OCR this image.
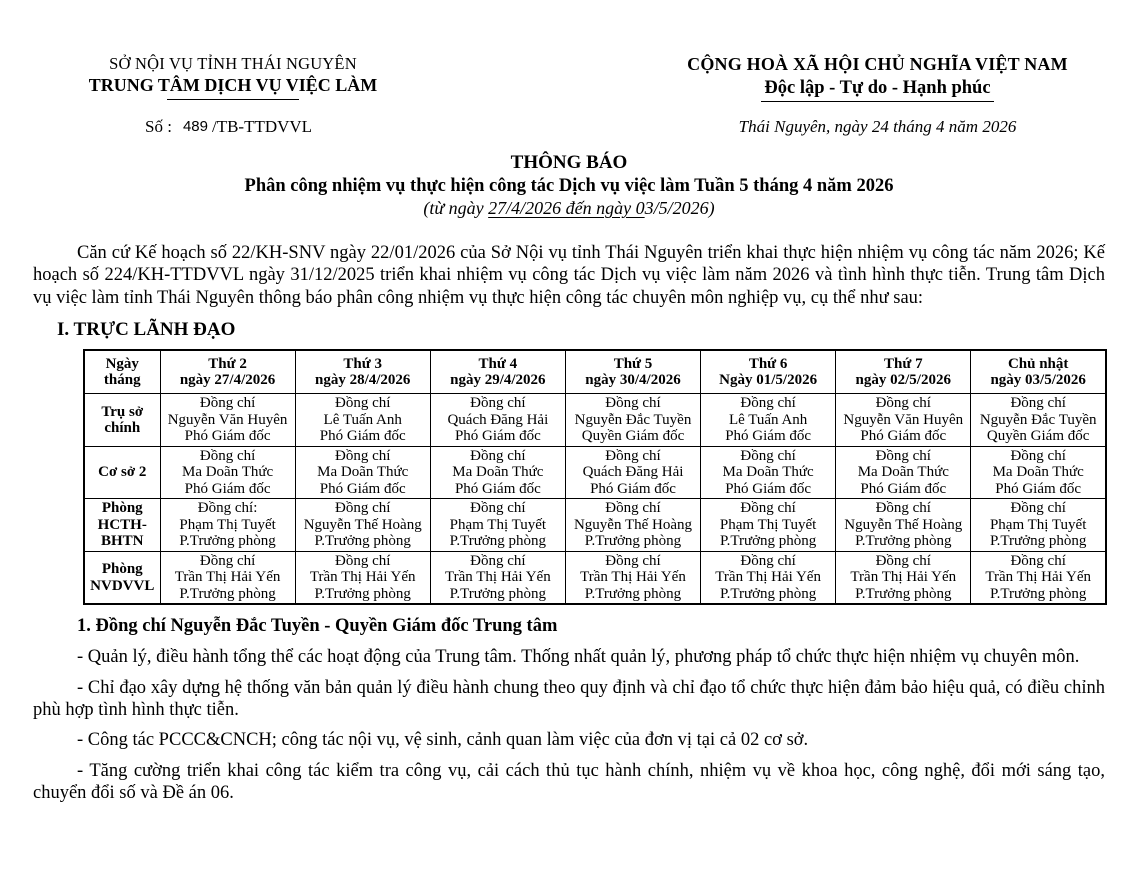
SỞ NỘI VỤ TỈNH THÁI NGUYÊN
TRUNG TÂM DỊCH VỤ VIỆC LÀM
Số : 489 /TB-TTDVVL
CỘNG HOÀ XÃ HỘI CHỦ NGHĨA VIỆT NAM
Độc lập - Tự do - Hạnh phúc
Thái Nguyên, ngày 24 tháng 4 năm 2026
THÔNG BÁO
Phân công nhiệm vụ thực hiện công tác Dịch vụ việc làm Tuần 5 tháng 4 năm 2026
(từ ngày 27/4/2026 đến ngày 03/5/2026)

Căn cứ Kế hoạch số 22/KH-SNV ngày 22/01/2026 của Sở Nội vụ tỉnh Thái Nguyên triển khai thực hiện nhiệm vụ công tác năm 2026; Kế hoạch số 224/KH-TTDVVL ngày 31/12/2025 triển khai nhiệm vụ công tác Dịch vụ việc làm năm 2026 và tình hình thực tiễn. Trung tâm Dịch vụ việc làm tỉnh Thái Nguyên thông báo phân công nhiệm vụ thực hiện công tác chuyên môn nghiệp vụ, cụ thể như sau:

I. TRỰC LÃNH ĐẠO
Ngày
tháng	Thứ 2
ngày 27/4/2026	Thứ 3
ngày 28/4/2026	Thứ 4
ngày 29/4/2026	Thứ 5
ngày 30/4/2026	Thứ 6
Ngày 01/5/2026	Thứ 7
ngày 02/5/2026	Chủ nhật
ngày 03/5/2026
Trụ sở
chính	Đồng chí
Nguyễn Văn Huyên
Phó Giám đốc	Đồng chí
Lê Tuấn Anh
Phó Giám đốc	Đồng chí
Quách Đăng Hải
Phó Giám đốc	Đồng chí
Nguyễn Đắc Tuyền
Quyền Giám đốc	Đồng chí
Lê Tuấn Anh
Phó Giám đốc	Đồng chí
Nguyễn Văn Huyên
Phó Giám đốc	Đồng chí
Nguyễn Đắc Tuyền
Quyền Giám đốc
Cơ sở 2	Đồng chí
Ma Doãn Thức
Phó Giám đốc	Đồng chí
Ma Doãn Thức
Phó Giám đốc	Đồng chí
Ma Doãn Thức
Phó Giám đốc	Đồng chí
Quách Đăng Hải
Phó Giám đốc	Đồng chí
Ma Doãn Thức
Phó Giám đốc	Đồng chí
Ma Doãn Thức
Phó Giám đốc	Đồng chí
Ma Doãn Thức
Phó Giám đốc
Phòng
HCTH-
BHTN	Đồng chí:
Phạm Thị Tuyết
P.Trưởng phòng	Đồng chí
Nguyễn Thế Hoàng
P.Trưởng phòng	Đồng chí
Phạm Thị Tuyết
P.Trưởng phòng	Đồng chí
Nguyễn Thế Hoàng
P.Trưởng phòng	Đồng chí
Phạm Thị Tuyết
P.Trưởng phòng	Đồng chí
Nguyễn Thế Hoàng
P.Trưởng phòng	Đồng chí
Phạm Thị Tuyết
P.Trưởng phòng
Phòng
NVDVVL	Đồng chí
Trần Thị Hải Yến
P.Trưởng phòng	Đồng chí
Trần Thị Hải Yến
P.Trưởng phòng	Đồng chí
Trần Thị Hải Yến
P.Trưởng phòng	Đồng chí
Trần Thị Hải Yến
P.Trưởng phòng	Đồng chí
Trần Thị Hải Yến
P.Trưởng phòng	Đồng chí
Trần Thị Hải Yến
P.Trưởng phòng	Đồng chí
Trần Thị Hải Yến
P.Trưởng phòng
1. Đồng chí Nguyễn Đắc Tuyền - Quyền Giám đốc Trung tâm

- Quản lý, điều hành tổng thể các hoạt động của Trung tâm. Thống nhất quản lý, phương pháp tổ chức thực hiện nhiệm vụ chuyên môn.

- Chỉ đạo xây dựng hệ thống văn bản quản lý điều hành chung theo quy định và chỉ đạo tổ chức thực hiện đảm bảo hiệu quả, có điều chỉnh phù hợp tình hình thực tiễn.

- Công tác PCCC&CNCH; công tác nội vụ, vệ sinh, cảnh quan làm việc của đơn vị tại cả 02 cơ sở.

- Tăng cường triển khai công tác kiểm tra công vụ, cải cách thủ tục hành chính, nhiệm vụ về khoa học, công nghệ, đổi mới sáng tạo, chuyển đổi số và Đề án 06.
